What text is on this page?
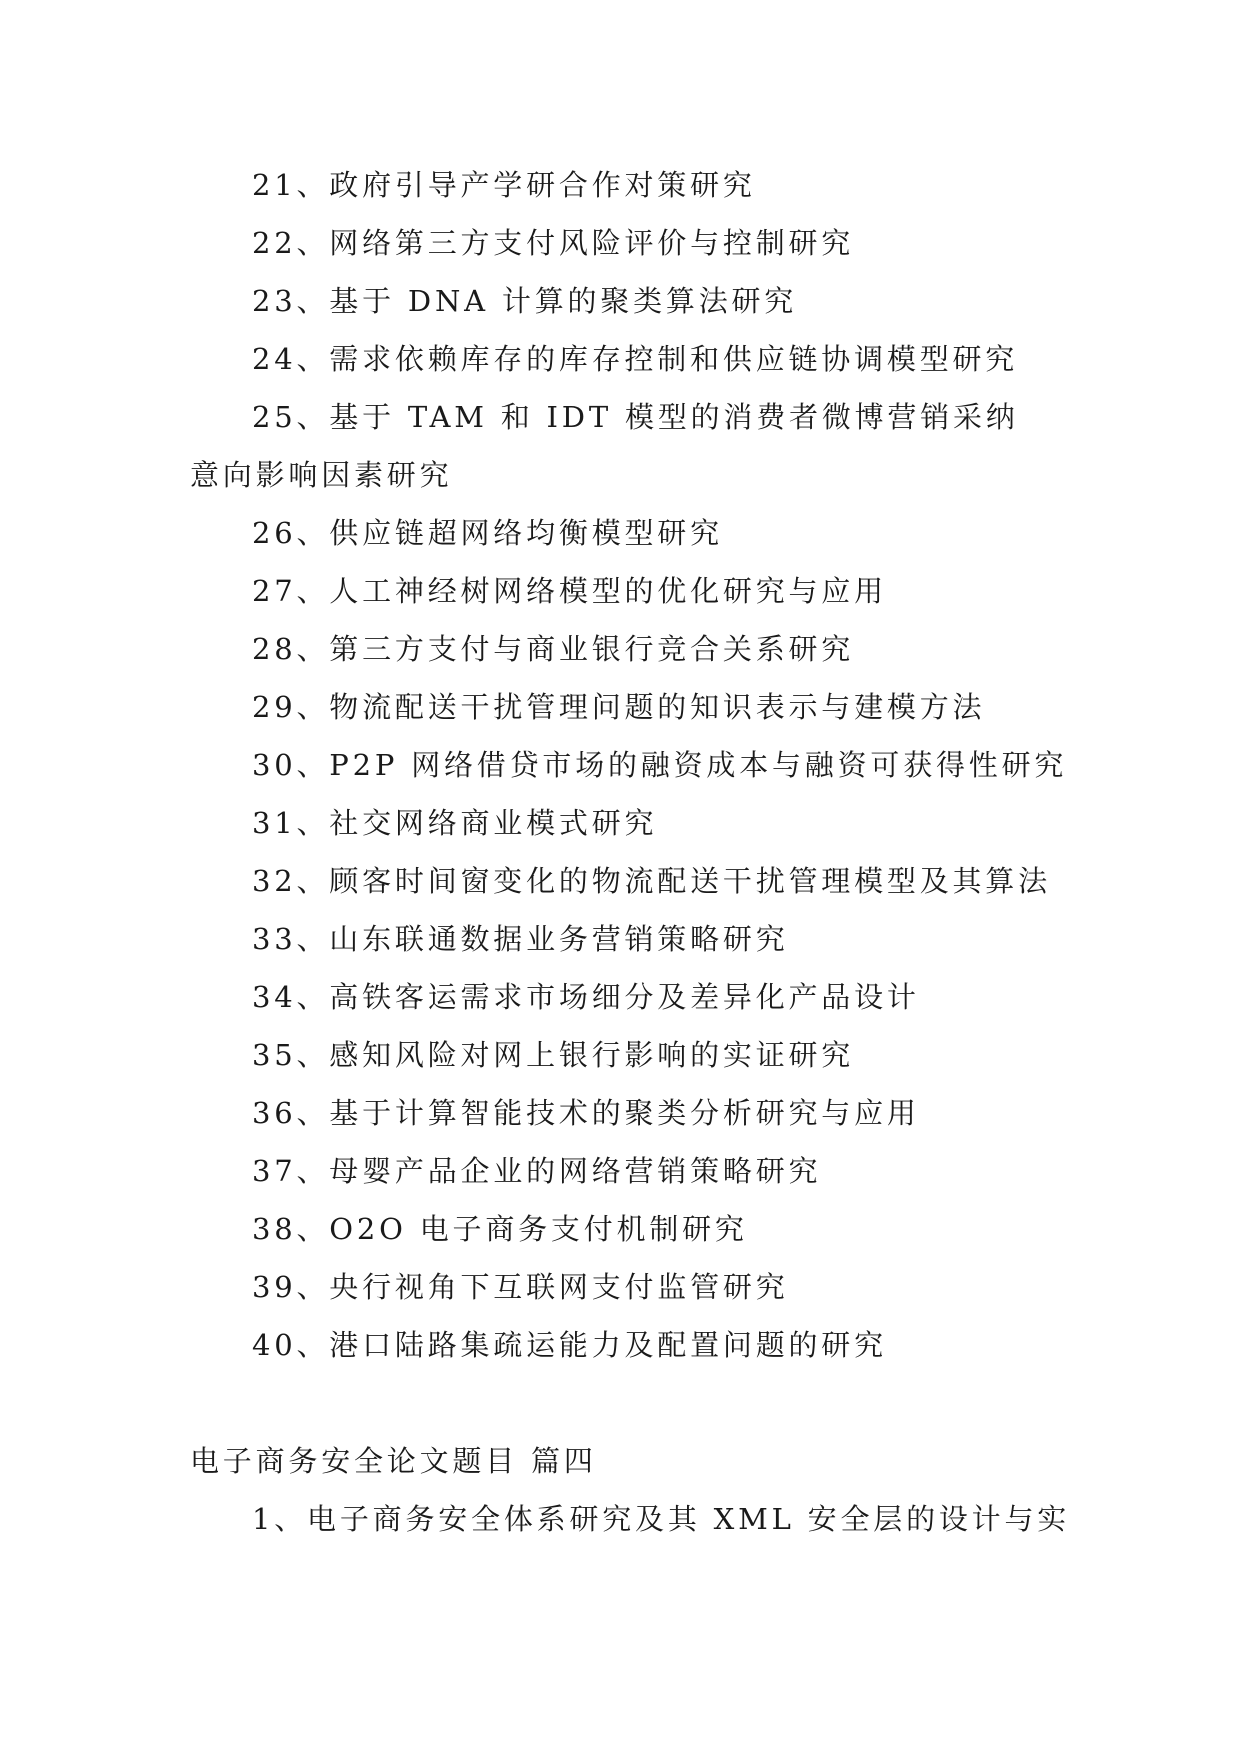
21、政府引导产学研合作对策研究
22、网络第三方支付风险评价与控制研究
23、基于 DNA 计算的聚类算法研究
24、需求依赖库存的库存控制和供应链协调模型研究
25、基于 TAM 和 IDT 模型的消费者微博营销采纳意向影响因素研究
26、供应链超网络均衡模型研究
27、人工神经树网络模型的优化研究与应用
28、第三方支付与商业银行竞合关系研究
29、物流配送干扰管理问题的知识表示与建模方法
30、P2P 网络借贷市场的融资成本与融资可获得性研究
31、社交网络商业模式研究
32、顾客时间窗变化的物流配送干扰管理模型及其算法
33、山东联通数据业务营销策略研究
34、高铁客运需求市场细分及差异化产品设计
35、感知风险对网上银行影响的实证研究
36、基于计算智能技术的聚类分析研究与应用
37、母婴产品企业的网络营销策略研究
38、O2O 电子商务支付机制研究
39、央行视角下互联网支付监管研究
40、港口陆路集疏运能力及配置问题的研究
电子商务安全论文题目 篇四
1、电子商务安全体系研究及其 XML 安全层的设计与实
